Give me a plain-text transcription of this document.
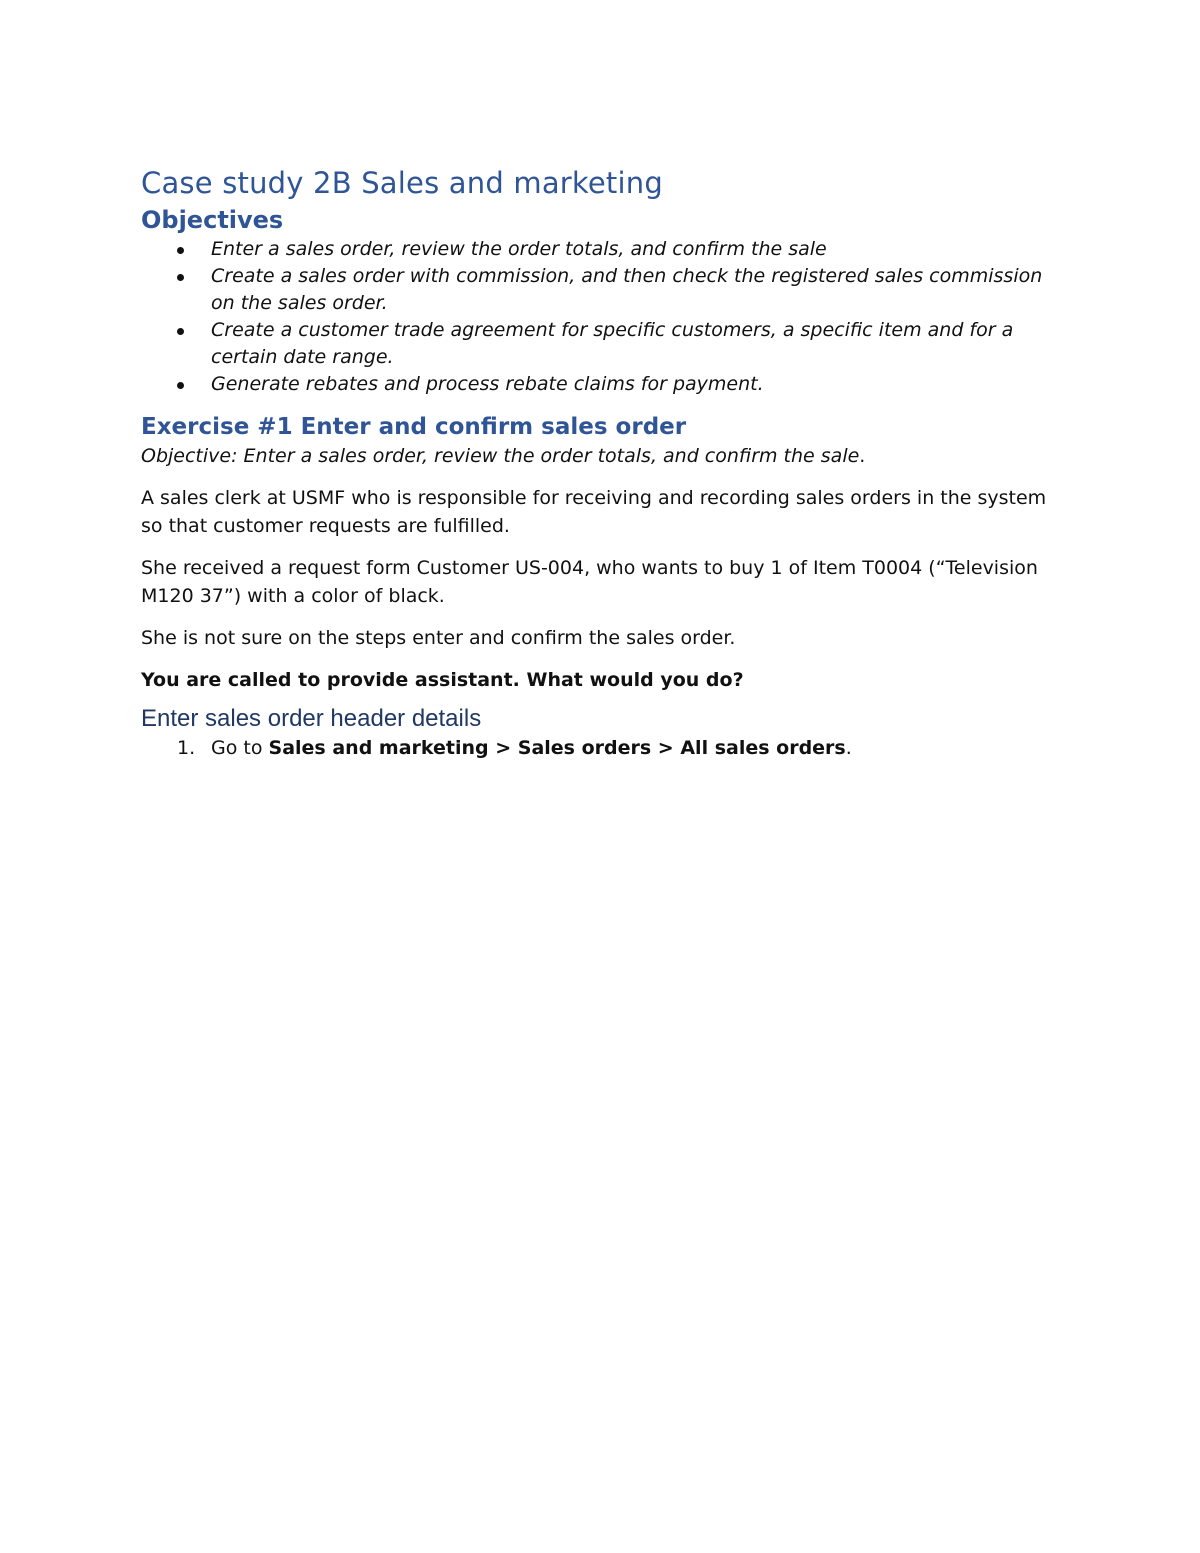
Case study 2B Sales and marketing
Objectives
Enter a sales order, review the order totals, and confirm the sale
Create a sales order with commission, and then check the registered sales commission on the sales order.
Create a customer trade agreement for specific customers, a specific item and for a certain date range.
Generate rebates and process rebate claims for payment.
Exercise #1 Enter and confirm sales order

Objective: Enter a sales order, review the order totals, and confirm the sale.

A sales clerk at USMF who is responsible for receiving and recording sales orders in the system so that customer requests are fulfilled.

She received a request form Customer US-004, who wants to buy 1 of Item T0004 (“Television M120 37”) with a color of black.

She is not sure on the steps enter and confirm the sales order.

You are called to provide assistant. What would you do?

Enter sales order header details
1. Go to Sales and marketing > Sales orders > All sales orders.
